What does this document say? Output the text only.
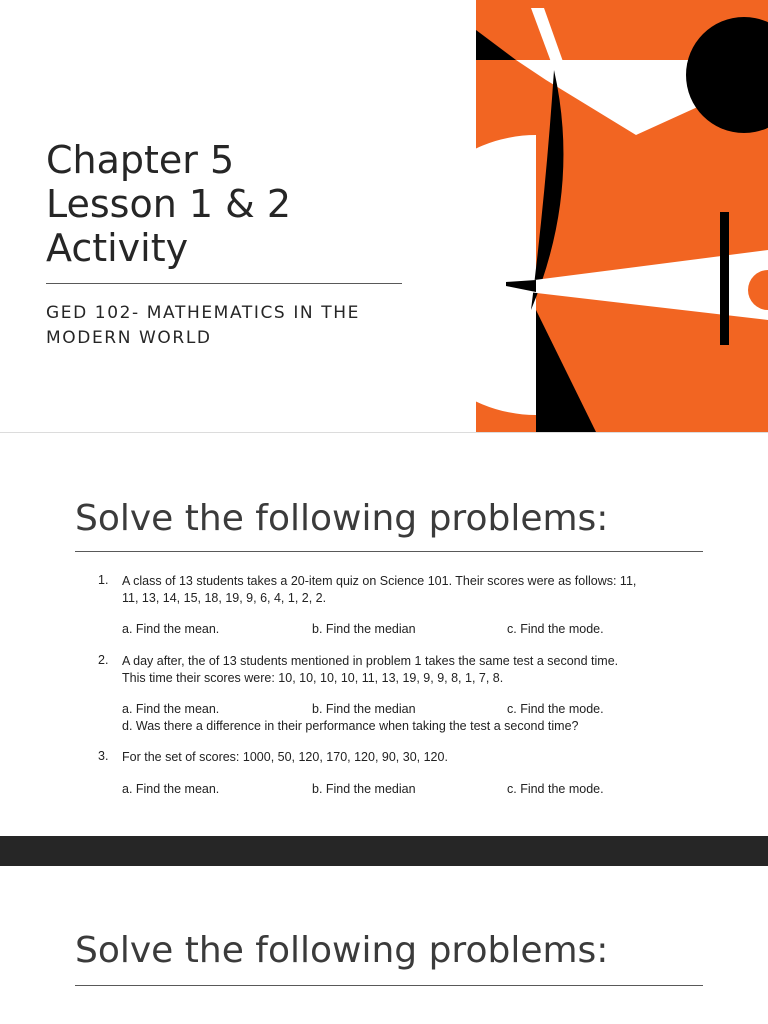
Chapter 5
Lesson 1 & 2
Activity
GED 102- MATHEMATICS IN THE
MODERN WORLD
Solve the following problems:
1.	A class of 13 students takes a 20-item quiz on Science 101. Their scores were as follows: 11,
11, 13, 14, 15, 18, 19, 9, 6, 4, 1, 2, 2.
a. Find the mean.	b. Find the median	c. Find the mode.
2.	A day after, the of 13 students mentioned in problem 1 takes the same test a second time.
This time their scores were: 10, 10, 10, 10, 11, 13, 19, 9, 9, 8, 1, 7, 8.
a. Find the mean.	b. Find the median	c. Find the mode.
d. Was there a difference in their performance when taking the test a second time?
3.	For the set of scores: 1000, 50, 120, 170, 120, 90, 30, 120.
a. Find the mean.	b. Find the median	c. Find the mode.
Solve the following problems:
